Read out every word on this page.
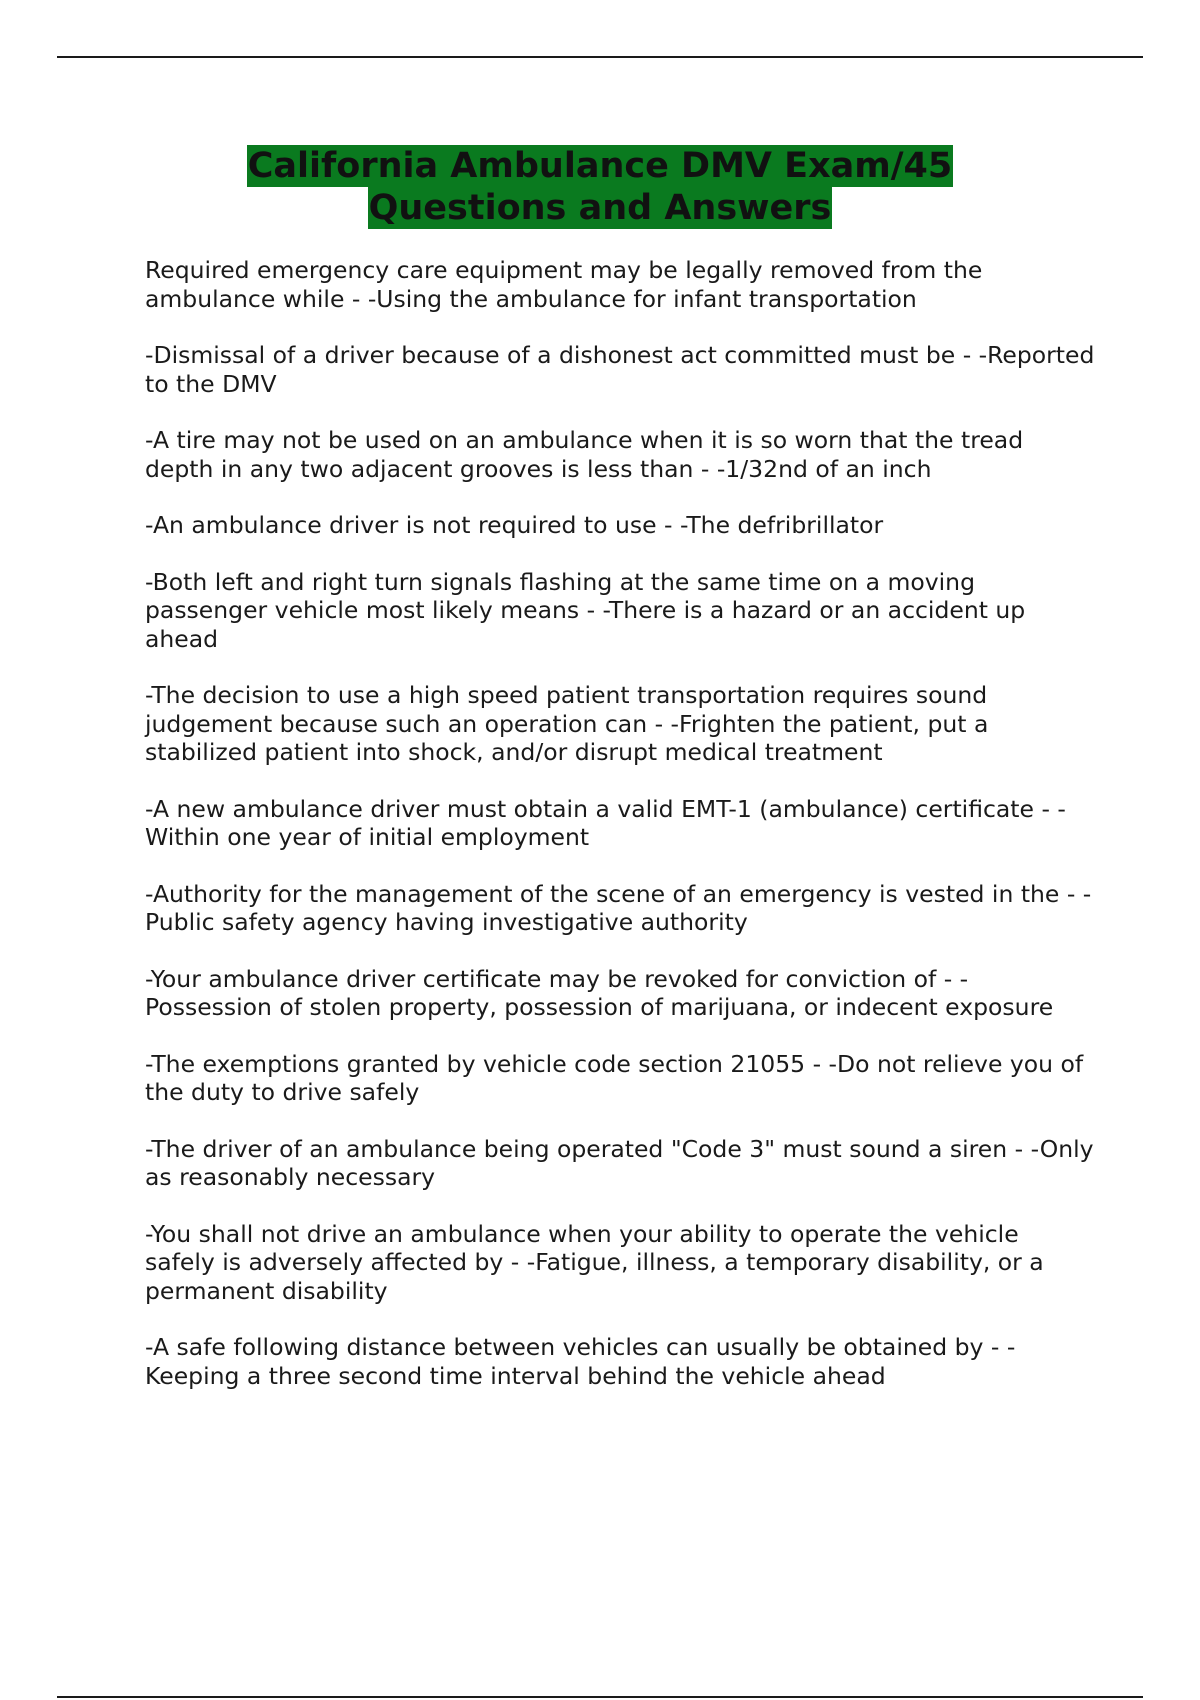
California Ambulance DMV Exam/45
Questions and Answers

Required emergency care equipment may be legally removed from the ambulance while - -Using the ambulance for infant transportation

-Dismissal of a driver because of a dishonest act committed must be - -Reported to the DMV

-A tire may not be used on an ambulance when it is so worn that the tread depth in any two adjacent grooves is less than - -1/32nd of an inch

-An ambulance driver is not required to use - -The defribrillator

-Both left and right turn signals flashing at the same time on a moving passenger vehicle most likely means - -There is a hazard or an accident up ahead

-The decision to use a high speed patient transportation requires sound judgement because such an operation can - -Frighten the patient, put a stabilized patient into shock, and/or disrupt medical treatment

-A new ambulance driver must obtain a valid EMT-1 (ambulance) certificate - -Within one year of initial employment

-Authority for the management of the scene of an emergency is vested in the - -Public safety agency having investigative authority

-Your ambulance driver certificate may be revoked for conviction of - -Possession of stolen property, possession of marijuana, or indecent exposure

-The exemptions granted by vehicle code section 21055 - -Do not relieve you of the duty to drive safely

-The driver of an ambulance being operated "Code 3" must sound a siren - -Only as reasonably necessary

-You shall not drive an ambulance when your ability to operate the vehicle safely is adversely affected by - -Fatigue, illness, a temporary disability, or a permanent disability

-A safe following distance between vehicles can usually be obtained by - -Keeping a three second time interval behind the vehicle ahead
